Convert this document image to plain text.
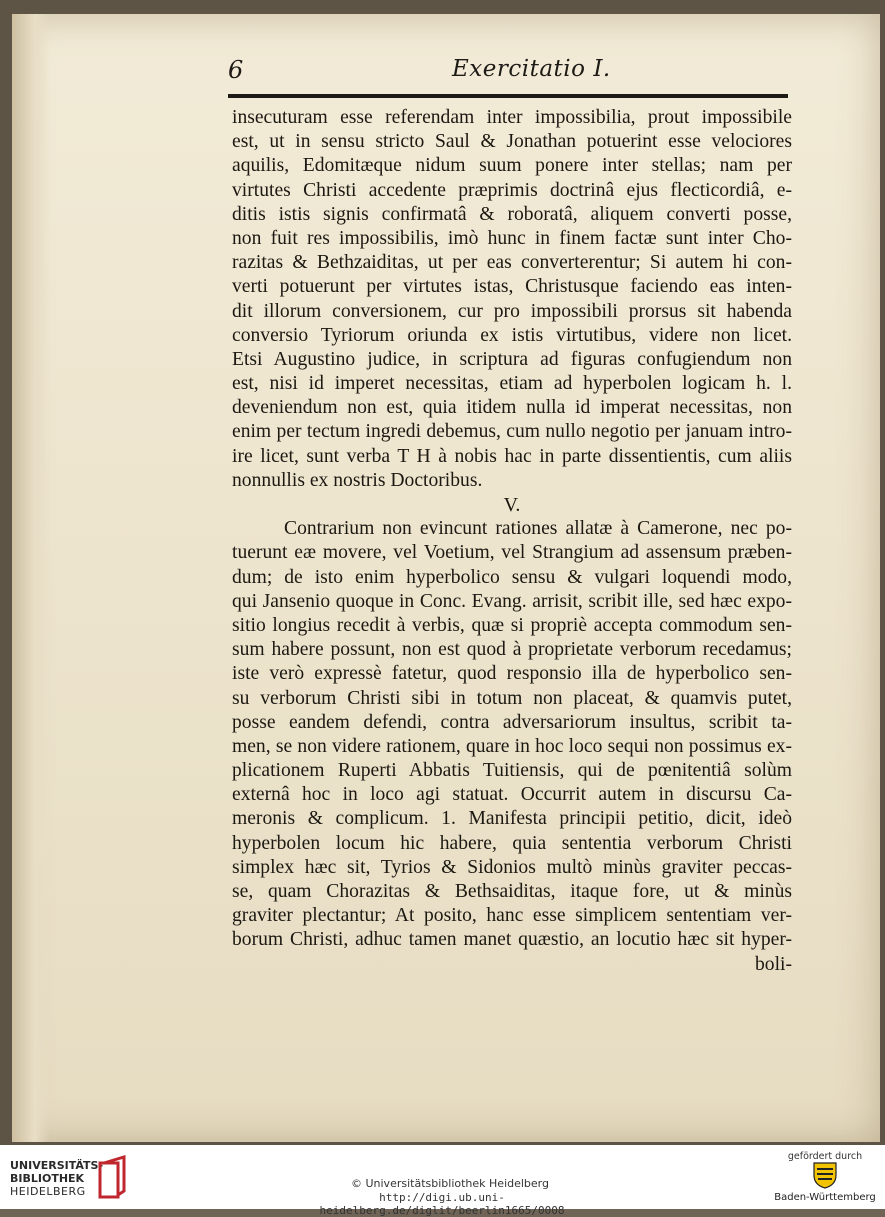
6	Exercitatio I.
insecuturam esse referendam inter impossibilia, prout impossibile
est, ut in sensu stricto Saul & Jonathan potuerint esse velociores
aquilis, Edomitæque nidum suum ponere inter stellas; nam per
virtutes Christi accedente præprimis doctrinâ ejus flecticordiâ, e-
ditis istis signis confirmatâ & roboratâ, aliquem converti posse,
non fuit res impossibilis, imò hunc in finem factæ sunt inter Cho-
razitas & Bethzaiditas, ut per eas converterentur; Si autem hi con-
verti potuerunt per virtutes istas, Christusque faciendo eas inten-
dit illorum conversionem, cur pro impossibili prorsus sit habenda
conversio Tyriorum oriunda ex istis virtutibus, videre non licet.
Etsi Augustino judice, in scriptura ad figuras confugiendum non
est, nisi id imperet necessitas, etiam ad hyperbolen logicam h. l.
deveniendum non est, quia itidem nulla id imperat necessitas, non
enim per tectum ingredi debemus, cum nullo negotio per januam intro-
ire licet, sunt verba T H à nobis hac in parte dissentientis, cum aliis
nonnullis ex nostris Doctoribus.
V.
Contrarium non evincunt rationes allatæ à Camerone, nec po-
tuerunt eæ movere, vel Voetium, vel Strangium ad assensum præben-
dum; de isto enim hyperbolico sensu & vulgari loquendi modo,
qui Jansenio quoque in Conc. Evang. arrisit, scribit ille, sed hæc expo-
sitio longius recedit à verbis, quæ si propriè accepta commodum sen-
sum habere possunt, non est quod à proprietate verborum recedamus;
iste verò expressè fatetur, quod responsio illa de hyperbolico sen-
su verborum Christi sibi in totum non placeat, & quamvis putet,
posse eandem defendi, contra adversariorum insultus, scribit ta-
men, se non videre rationem, quare in hoc loco sequi non possimus ex-
plicationem Ruperti Abbatis Tuitiensis, qui de pœnitentiâ solùm
externâ hoc in loco agi statuat. Occurrit autem in discursu Ca-
meronis & complicum. 1. Manifesta principii petitio, dicit, ideò
hyperbolen locum hic habere, quia sententia verborum Christi
simplex hæc sit, Tyrios & Sidonios multò minùs graviter peccas-
se, quam Chorazitas & Bethsaiditas, itaque fore, ut & minùs
graviter plectantur; At posito, hanc esse simplicem sententiam ver-
borum Christi, adhuc tamen manet quæstio, an locutio hæc sit hyper-
boli-
UNIVERSITÄTS-
BIBLIOTHEK
HEIDELBERG
© Universitätsbibliothek Heidelberg
http://digi.ub.uni-heidelberg.de/diglit/beerlin1665/0008
gefördert durch
Baden-Württemberg
